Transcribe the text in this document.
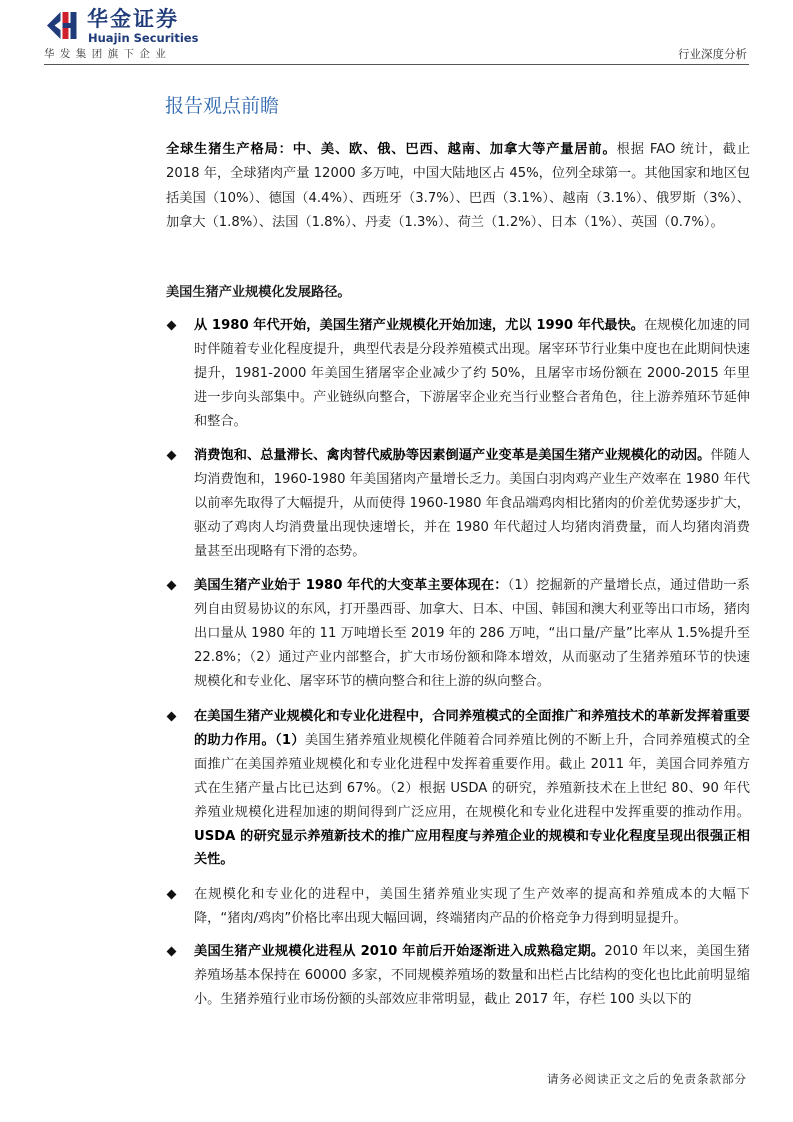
华金证券
Huajin Securities
华发集团旗下企业	行业深度分析
报告观点前瞻
全球生猪生产格局：中、美、欧、俄、巴西、越南、加拿大等产量居前。根据 FAO 统计，截止 2018 年，全球猪肉产量 12000 多万吨，中国大陆地区占 45%，位列全球第一。其他国家和地区包括美国（10%）、德国（4.4%）、西班牙（3.7%）、巴西（3.1%）、越南（3.1%）、俄罗斯（3%）、加拿大（1.8%）、法国（1.8%）、丹麦（1.3%）、荷兰（1.2%）、日本（1%）、英国（0.7%）。
美国生猪产业规模化发展路径。
从 1980 年代开始，美国生猪产业规模化开始加速，尤以 1990 年代最快。在规模化加速的同时伴随着专业化程度提升，典型代表是分段养殖模式出现。屠宰环节行业集中度也在此期间快速提升，1981-2000 年美国生猪屠宰企业减少了约 50%，且屠宰市场份额在 2000-2015 年里进一步向头部集中。产业链纵向整合，下游屠宰企业充当行业整合者角色，往上游养殖环节延伸和整合。
消费饱和、总量滞长、禽肉替代威胁等因素倒逼产业变革是美国生猪产业规模化的动因。伴随人均消费饱和，1960-1980 年美国猪肉产量增长乏力。美国白羽肉鸡产业生产效率在 1980 年代以前率先取得了大幅提升，从而使得 1960-1980 年食品端鸡肉相比猪肉的价差优势逐步扩大，驱动了鸡肉人均消费量出现快速增长，并在 1980 年代超过人均猪肉消费量，而人均猪肉消费量甚至出现略有下滑的态势。
美国生猪产业始于 1980 年代的大变革主要体现在：（1）挖掘新的产量增长点，通过借助一系列自由贸易协议的东风，打开墨西哥、加拿大、日本、中国、韩国和澳大利亚等出口市场，猪肉出口量从 1980 年的 11 万吨增长至 2019 年的 286 万吨，“出口量/产量”比率从 1.5%提升至 22.8%；（2）通过产业内部整合，扩大市场份额和降本增效，从而驱动了生猪养殖环节的快速规模化和专业化、屠宰环节的横向整合和往上游的纵向整合。
在美国生猪产业规模化和专业化进程中，合同养殖模式的全面推广和养殖技术的革新发挥着重要的助力作用。（1）美国生猪养殖业规模化伴随着合同养殖比例的不断上升，合同养殖模式的全面推广在美国养殖业规模化和专业化进程中发挥着重要作用。截止 2011 年，美国合同养殖方式在生猪产量占比已达到 67%。（2）根据 USDA 的研究，养殖新技术在上世纪 80、90 年代养殖业规模化进程加速的期间得到广泛应用，在规模化和专业化进程中发挥重要的推动作用。USDA 的研究显示养殖新技术的推广应用程度与养殖企业的规模和专业化程度呈现出很强正相关性。
在规模化和专业化的进程中，美国生猪养殖业实现了生产效率的提高和养殖成本的大幅下降，“猪肉/鸡肉”价格比率出现大幅回调，终端猪肉产品的价格竞争力得到明显提升。
美国生猪产业规模化进程从 2010 年前后开始逐渐进入成熟稳定期。2010 年以来，美国生猪养殖场基本保持在 60000 多家，不同规模养殖场的数量和出栏占比结构的变化也比此前明显缩小。生猪养殖行业市场份额的头部效应非常明显，截止 2017 年，存栏 100 头以下的
请务必阅读正文之后的免责条款部分
